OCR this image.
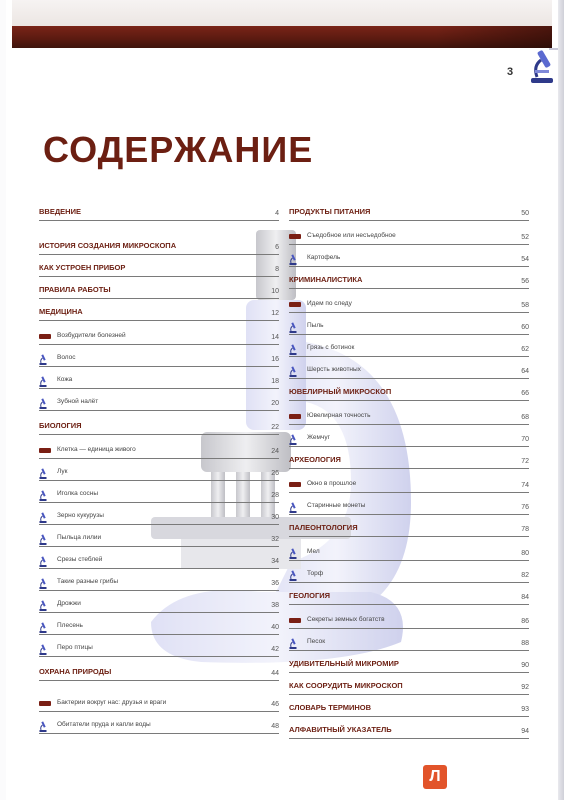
3
СОДЕРЖАНИЕ
ВВЕДЕНИЕ	4
ИСТОРИЯ СОЗДАНИЯ МИКРОСКОПА	6
КАК УСТРОЕН ПРИБОР	8
ПРАВИЛА РАБОТЫ	10
МЕДИЦИНА	12
Возбудители болезней	14
Волос	16
Кожа	18
Зубной налёт	20
БИОЛОГИЯ	22
Клетка — единица живого	24
Лук	26
Иголка сосны	28
Зерно кукурузы	30
Пыльца лилии	32
Срезы стеблей	34
Такие разные грибы	36
Дрожжи	38
Плесень	40
Перо птицы	42
ОХРАНА ПРИРОДЫ	44
Бактерии вокруг нас: друзья и враги	46
Обитатели пруда и капли воды	48
ПРОДУКТЫ ПИТАНИЯ	50
Съедобное или несъедобное	52
Картофель	54
КРИМИНАЛИСТИКА	56
Идем по следу	58
Пыль	60
Грязь с ботинок	62
Шерсть животных	64
ЮВЕЛИРНЫЙ МИКРОСКОП	66
Ювелирная точность	68
Жемчуг	70
АРХЕОЛОГИЯ	72
Окно в прошлое	74
Старинные монеты	76
ПАЛЕОНТОЛОГИЯ	78
Мел	80
Торф	82
ГЕОЛОГИЯ	84
Секреты земных богатств	86
Песок	88
УДИВИТЕЛЬНЫЙ МИКРОМИР	90
КАК СООРУДИТЬ МИКРОСКОП	92
СЛОВАРЬ ТЕРМИНОВ	93
АЛФАВИТНЫЙ УКАЗАТЕЛЬ	94
Л
